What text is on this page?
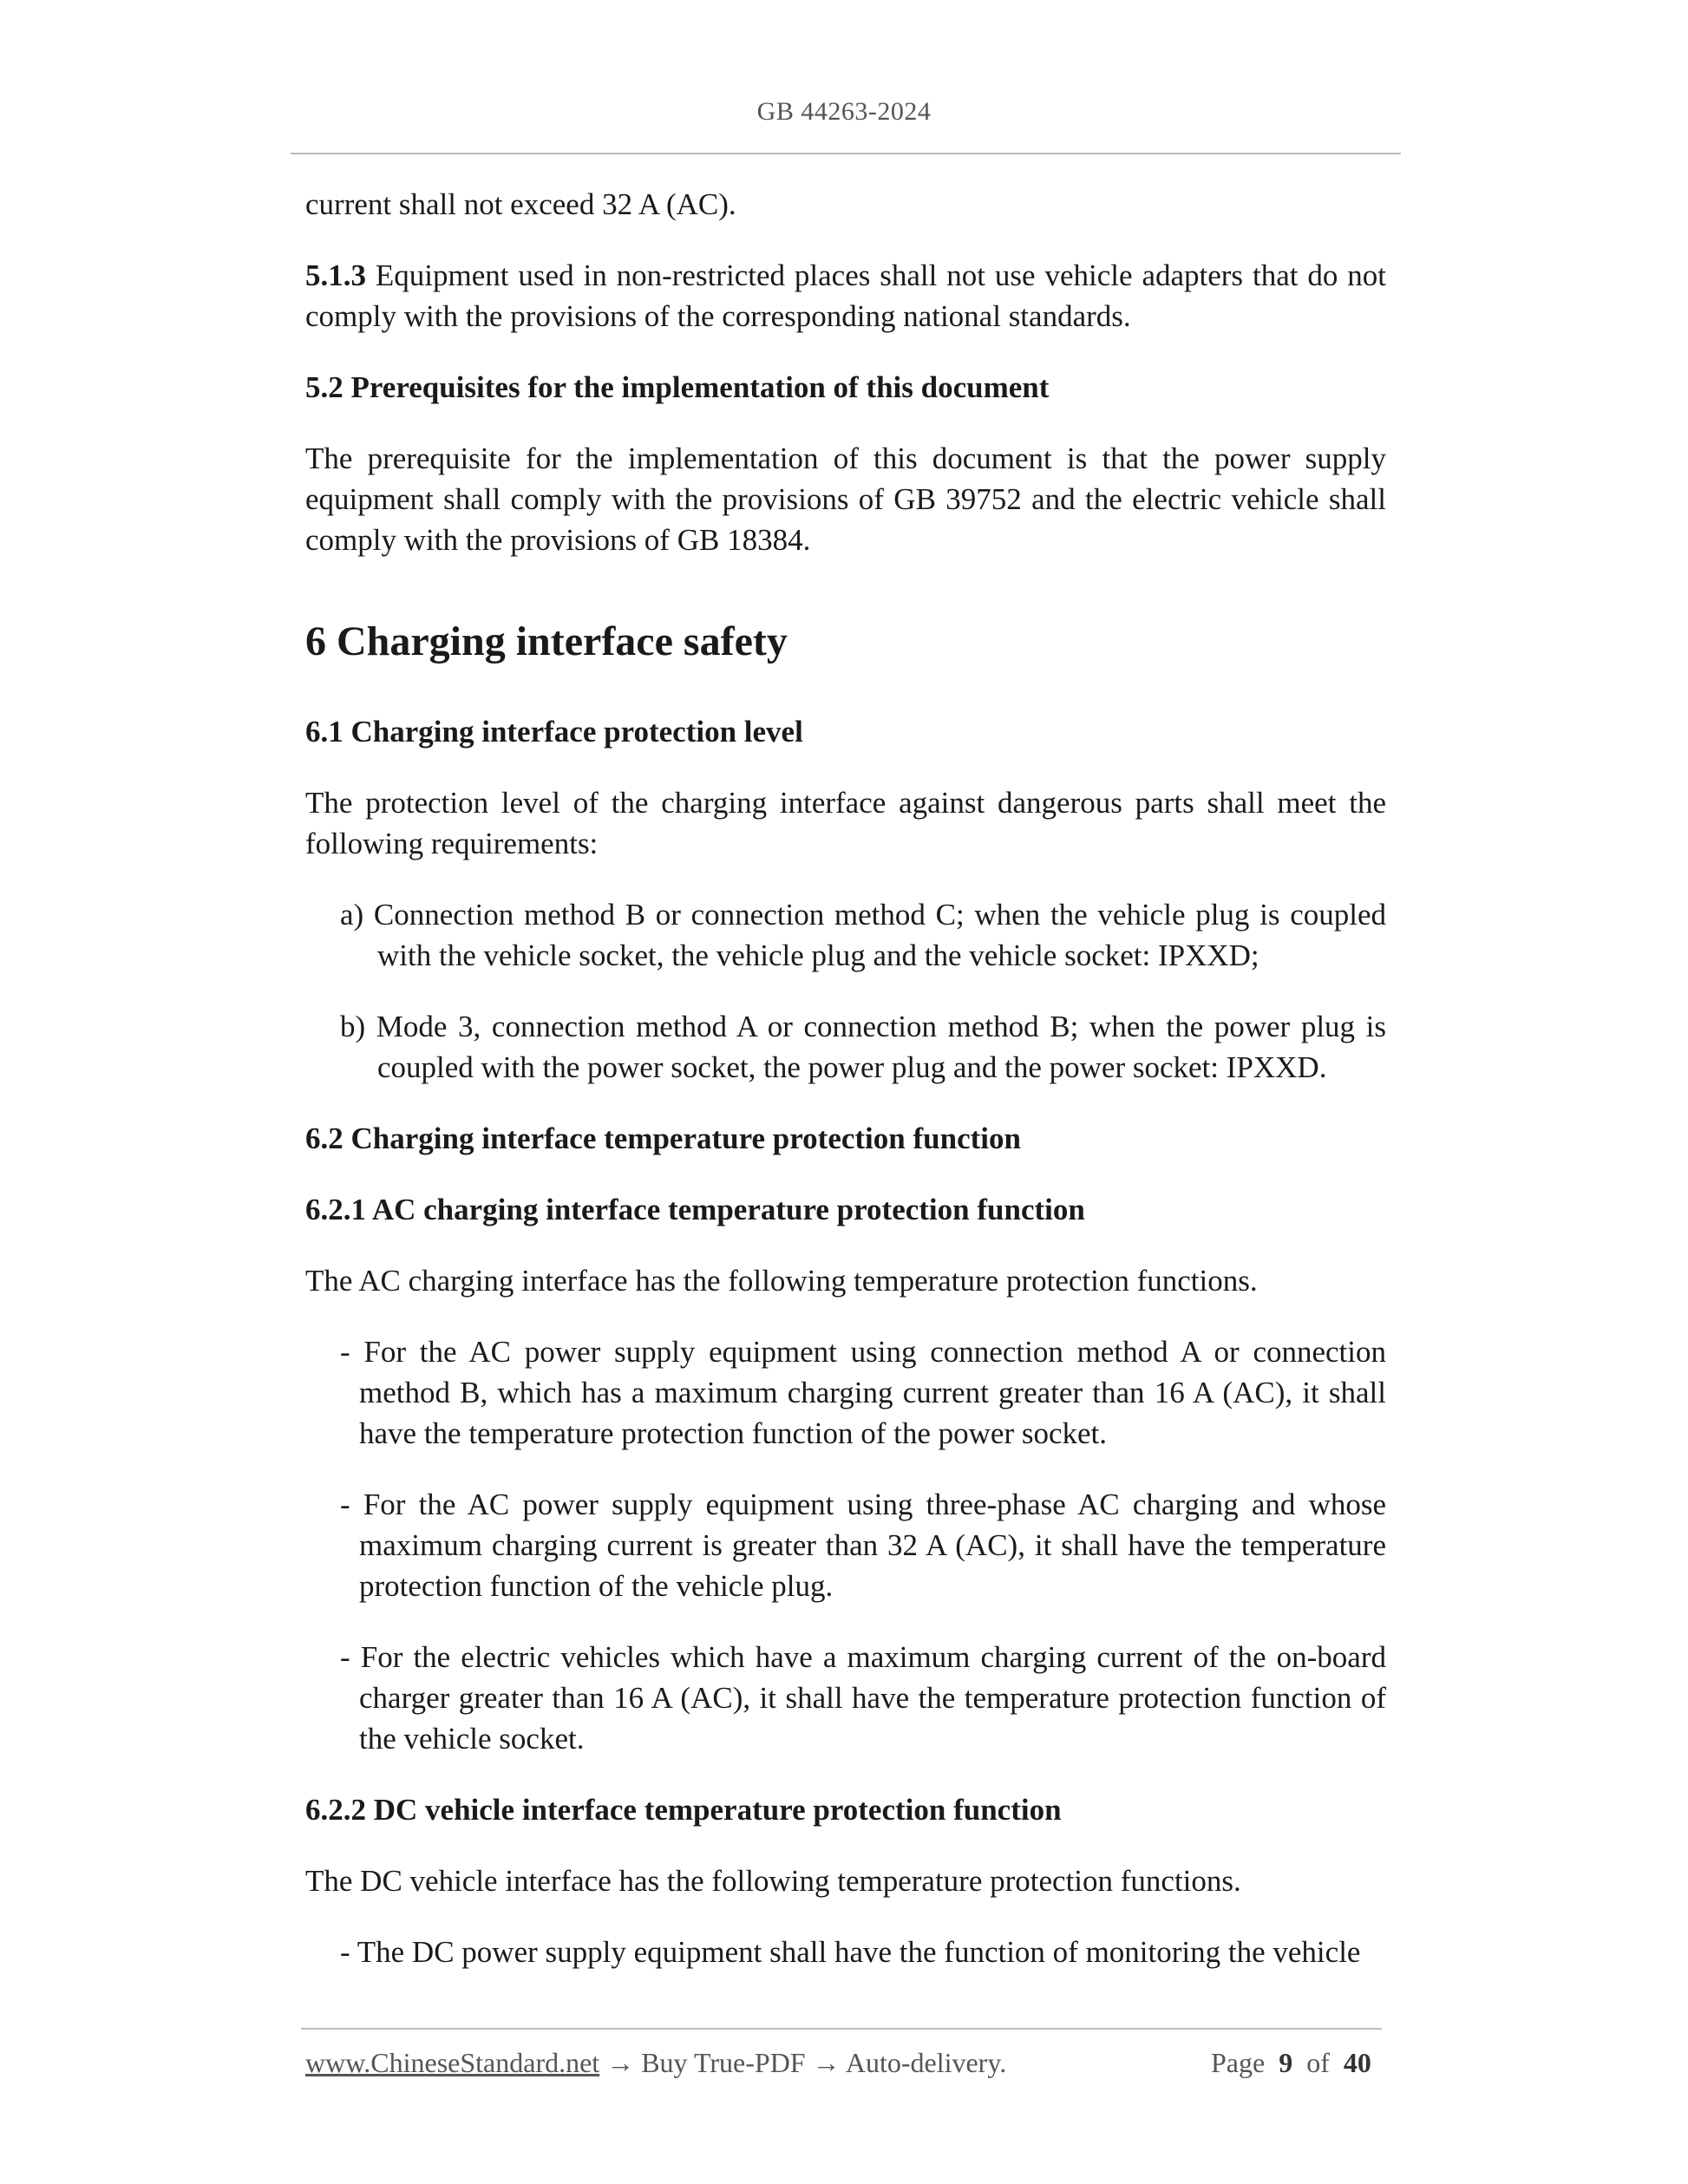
GB 44263-2024

current shall not exceed 32 A (AC).

5.1.3 Equipment used in non-restricted places shall not use vehicle adapters that do not comply with the provisions of the corresponding national standards.

5.2 Prerequisites for the implementation of this document

The prerequisite for the implementation of this document is that the power supply equipment shall comply with the provisions of GB 39752 and the electric vehicle shall comply with the provisions of GB 18384.

6 Charging interface safety
6.1 Charging interface protection level

The protection level of the charging interface against dangerous parts shall meet the following requirements:

a) Connection method B or connection method C; when the vehicle plug is coupled with the vehicle socket, the vehicle plug and the vehicle socket: IPXXD;
b) Mode 3, connection method A or connection method B; when the power plug is coupled with the power socket, the power plug and the power socket: IPXXD.
6.2 Charging interface temperature protection function
6.2.1 AC charging interface temperature protection function

The AC charging interface has the following temperature protection functions.

- For the AC power supply equipment using connection method A or connection method B, which has a maximum charging current greater than 16 A (AC), it shall have the temperature protection function of the power socket.
- For the AC power supply equipment using three-phase AC charging and whose maximum charging current is greater than 32 A (AC), it shall have the temperature protection function of the vehicle plug.
- For the electric vehicles which have a maximum charging current of the on-board charger greater than 16 A (AC), it shall have the temperature protection function of the vehicle socket.
6.2.2 DC vehicle interface temperature protection function

The DC vehicle interface has the following temperature protection functions.

- The DC power supply equipment shall have the function of monitoring the vehicle
www.ChineseStandard.net → Buy True-PDF → Auto-delivery.	Page 9 of 40
